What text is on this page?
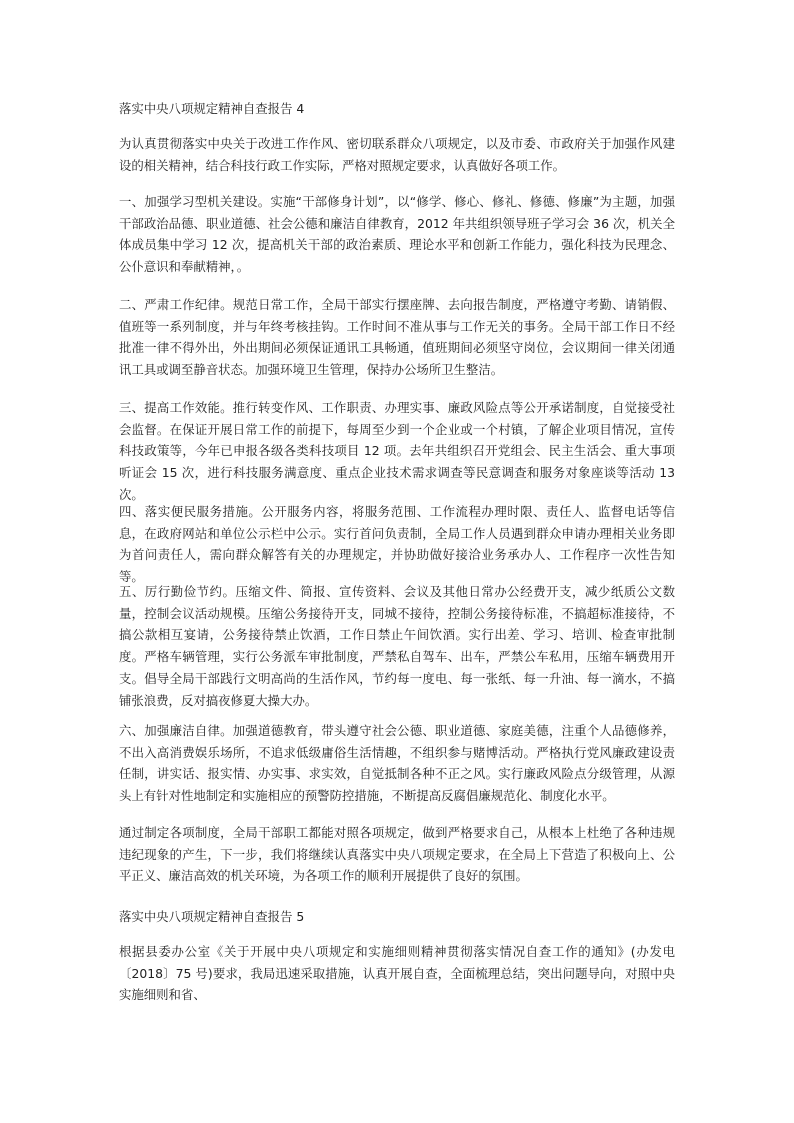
落实中央八项规定精神自查报告 4

为认真贯彻落实中央关于改进工作作风、密切联系群众八项规定，以及市委、市政府关于加强作风建设的相关精神，结合科技行政工作实际，严格对照规定要求，认真做好各项工作。

一、加强学习型机关建设。实施“干部修身计划”，以“修学、修心、修礼、修德、修廉”为主题，加强干部政治品德、职业道德、社会公德和廉洁自律教育，2012 年共组织领导班子学习会 36 次，机关全体成员集中学习 12 次，提高机关干部的政治素质、理论水平和创新工作能力，强化科技为民理念、公仆意识和奉献精神，。

二、严肃工作纪律。规范日常工作，全局干部实行摆座牌、去向报告制度，严格遵守考勤、请销假、值班等一系列制度，并与年终考核挂钩。工作时间不准从事与工作无关的事务。全局干部工作日不经批准一律不得外出，外出期间必须保证通讯工具畅通，值班期间必须坚守岗位，会议期间一律关闭通讯工具或调至静音状态。加强环境卫生管理，保持办公场所卫生整洁。

三、提高工作效能。推行转变作风、工作职责、办理实事、廉政风险点等公开承诺制度，自觉接受社会监督。在保证开展日常工作的前提下，每周至少到一个企业或一个村镇，了解企业项目情况，宣传科技政策等，今年已申报各级各类科技项目 12 项。去年共组织召开党组会、民主生活会、重大事项听证会 15 次，进行科技服务满意度、重点企业技术需求调查等民意调查和服务对象座谈等活动 13 次。

四、落实便民服务措施。公开服务内容，将服务范围、工作流程办理时限、责任人、监督电话等信息，在政府网站和单位公示栏中公示。实行首问负责制，全局工作人员遇到群众申请办理相关业务即为首问责任人，需向群众解答有关的办理规定，并协助做好接洽业务承办人、工作程序一次性告知等。

五、厉行勤俭节约。压缩文件、简报、宣传资料、会议及其他日常办公经费开支，减少纸质公文数量，控制会议活动规模。压缩公务接待开支，同城不接待，控制公务接待标准，不搞超标准接待，不搞公款相互宴请，公务接待禁止饮酒，工作日禁止午间饮酒。实行出差、学习、培训、检查审批制度。严格车辆管理，实行公务派车审批制度，严禁私自驾车、出车，严禁公车私用，压缩车辆费用开支。倡导全局干部践行文明高尚的生活作风，节约每一度电、每一张纸、每一升油、每一滴水，不搞铺张浪费，反对搞夜修夏大操大办。

六、加强廉洁自律。加强道德教育，带头遵守社会公德、职业道德、家庭美德，注重个人品德修养，不出入高消费娱乐场所，不追求低级庸俗生活情趣，不组织参与赌博活动。严格执行党风廉政建设责任制，讲实话、报实情、办实事、求实效，自觉抵制各种不正之风。实行廉政风险点分级管理，从源头上有针对性地制定和实施相应的预警防控措施，不断提高反腐倡廉规范化、制度化水平。

通过制定各项制度，全局干部职工都能对照各项规定，做到严格要求自己，从根本上杜绝了各种违规违纪现象的产生，下一步，我们将继续认真落实中央八项规定要求，在全局上下营造了积极向上、公平正义、廉洁高效的机关环境，为各项工作的顺利开展提供了良好的氛围。

落实中央八项规定精神自查报告 5

根据县委办公室《关于开展中央八项规定和实施细则精神贯彻落实情况自查工作的通知》(办发电〔2018〕75 号)要求，我局迅速采取措施，认真开展自查，全面梳理总结，突出问题导向，对照中央实施细则和省、
